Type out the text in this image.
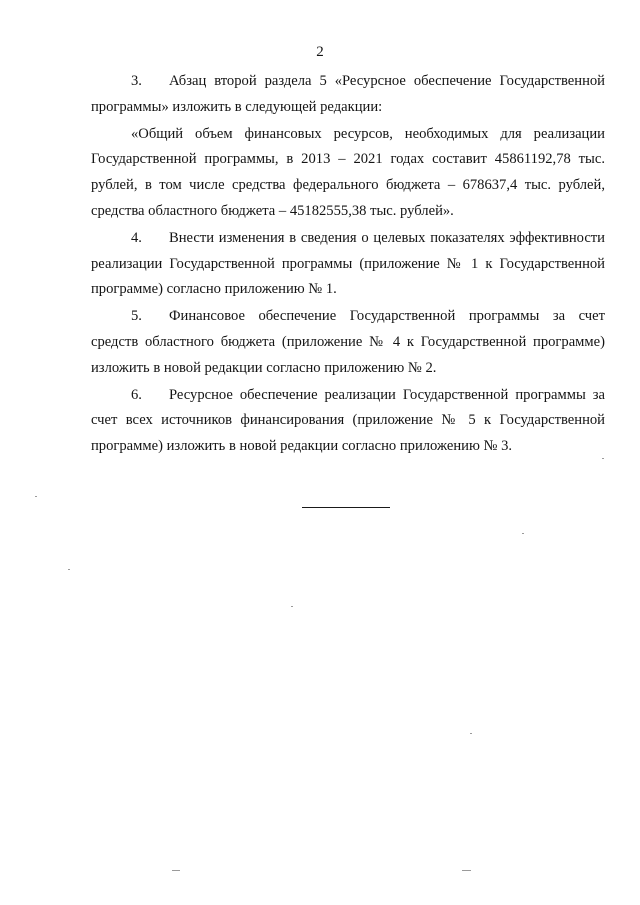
2

3. Абзац второй раздела 5 «Ресурсное обеспечение Государственной программы» изложить в следующей редакции:

«Общий объем финансовых ресурсов, необходимых для реализации Государственной программы, в 2013 – 2021 годах составит 45861192,78 тыс. рублей, в том числе средства федерального бюджета – 678637,4 тыс. рублей, средства областного бюджета – 45182555,38 тыс. рублей».

4. Внести изменения в сведения о целевых показателях эффективности реализации Государственной программы (приложение № 1 к Государственной программе) согласно приложению № 1.

5. Финансовое обеспечение Государственной программы за счет средств областного бюджета (приложение № 4 к Государственной программе) изложить в новой редакции согласно приложению № 2.

6. Ресурсное обеспечение реализации Государственной программы за счет всех источников финансирования (приложение № 5 к Государственной программе) изложить в новой редакции согласно приложению № 3.
